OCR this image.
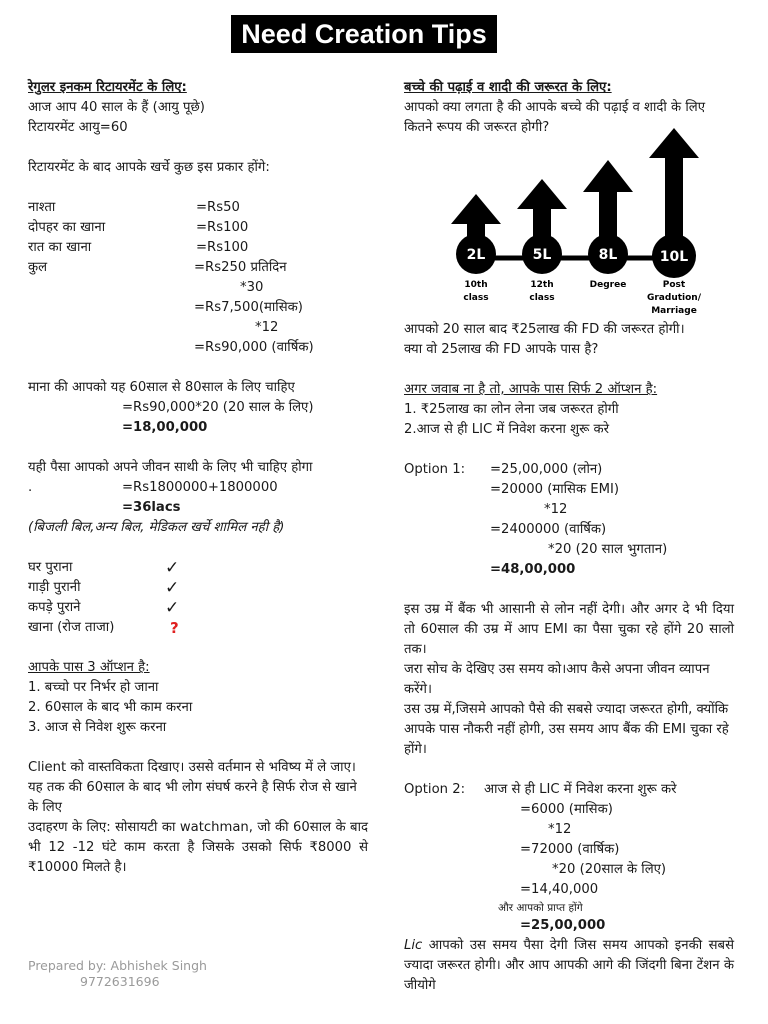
Need Creation Tips
रेगुलर इनकम रिटायरमेंट के लिए:
आज आप 40 साल के हैं (आयु पूछे)
रिटायरमेंट आयु=60
रिटायरमेंट के बाद आपके खर्चे कुछ इस प्रकार होंगे:
नाश्ता	=Rs50
दोपहर का खाना	=Rs100
रात का खाना	=Rs100
कुल	=Rs250 प्रतिदिन
*30
=Rs7,500(मासिक)
*12
=Rs90,000 (वार्षिक)
माना की आपको यह 60साल से 80साल के लिए चाहिए
=Rs90,000*20 (20 साल के लिए)
=18,00,000
यही पैसा आपको अपने जीवन साथी के लिए भी चाहिए होगा
.	=Rs1800000+1800000
=36lacs
(बिजली बिल,अन्य बिल, मेडिकल खर्चे शामिल नही है)
घर पुराना	✓
गाड़ी पुरानी	✓
कपड़े पुराने	✓
खाना (रोज ताजा)	?
आपके पास 3 ऑप्शन है:
1. बच्चो पर निर्भर हो जाना
2. 60साल के बाद भी काम करना
3. आज से निवेश शुरू करना
Client को वास्तविकता दिखाए। उससे वर्तमान से भविष्य में ले जाए।
यह तक की 60साल के बाद भी लोग संघर्ष करने है सिर्फ रोज से खाने के लिए
उदाहरण के लिए: सोसायटी का watchman, जो की 60साल के बाद भी 12 -12 घंटे काम करता है जिसके उसको सिर्फ ₹8000 से ₹10000 मिलते है।
बच्चे की पढ़ाई व शादी की जरूरत के लिए:
आपको क्या लगता है की आपके बच्चे की पढ़ाई व शादी के लिए कितने रूपय की जरूरत होगी?
2L
10th
class
5L
12th
class
8L
Degree
10L
Post
Gradution/
Marriage
आपको 20 साल बाद ₹25लाख की FD की जरूरत होगी।
क्या वो 25लाख की FD आपके पास है?
अगर जवाब ना है तो, आपके पास सिर्फ 2 ऑप्शन है:
1. ₹25लाख का लोन लेना जब जरूरत होगी
2.आज से ही LIC में निवेश करना शुरू करे
Option 1: =25,00,000 (लोन)
=20000 (मासिक EMI)
*12
=2400000 (वार्षिक)
*20 (20 साल भुगतान)
=48,00,000
इस उम्र में बैंक भी आसानी से लोन नहीं देगी। और अगर दे भी दिया तो 60साल की उम्र में आप EMI का पैसा चुका रहे होंगे 20 सालो तक।
जरा सोच के देखिए उस समय को।आप कैसे अपना जीवन व्यापन करेंगे।
उस उम्र में,जिसमे आपको पैसे की सबसे ज्यादा जरूरत होगी, क्योंकि आपके पास नौकरी नहीं होगी, उस समय आप बैंक की EMI चुका रहे होंगे।
Option 2: आज से ही LIC में निवेश करना शुरू करे
=6000 (मासिक)
*12
=72000 (वार्षिक)
*20 (20साल के लिए)
=14,40,000
और आपको प्राप्त होंगे
=25,00,000
Lic आपको उस समय पैसा देगी जिस समय आपको इनकी सबसे ज्यादा जरूरत होगी। और आप आपकी आगे की जिंदगी बिना टेंशन के जीयोगे
Prepared by: Abhishek Singh
9772631696
